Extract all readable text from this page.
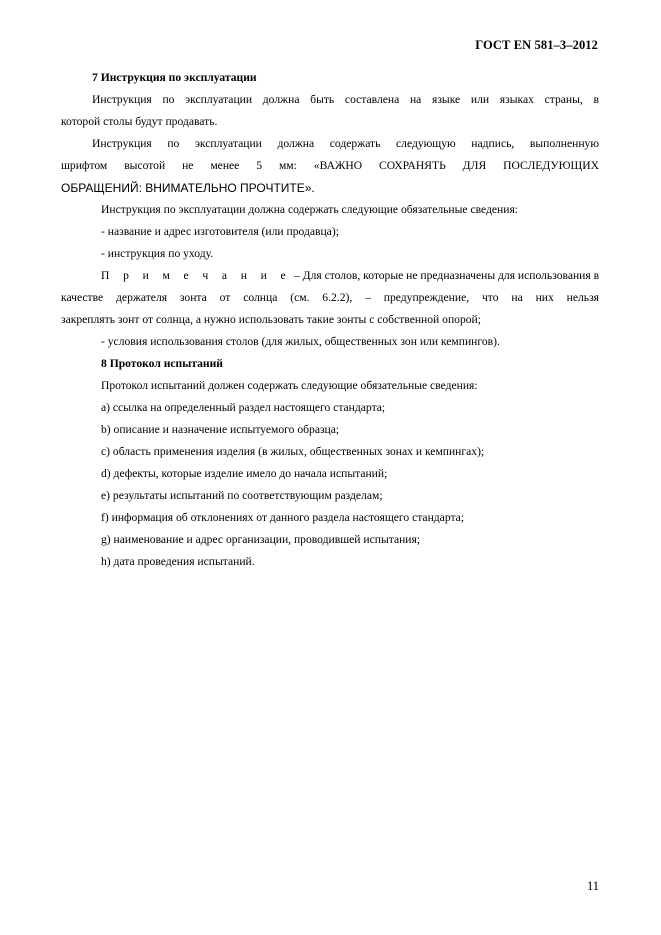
ГОСТ EN 581–3–2012
7 Инструкция по эксплуатации
Инструкция по эксплуатации должна быть составлена на языке или языках страны, в
которой столы будут продавать.
Инструкция по эксплуатации должна содержать следующую надпись, выполненную
шрифтом высотой не менее 5 мм: «ВАЖНО СОХРАНЯТЬ ДЛЯ ПОСЛЕДУЮЩИХ
ОБРАЩЕНИЙ: ВНИМАТЕЛЬНО ПРОЧТИТЕ».
Инструкция по эксплуатации должна содержать следующие обязательные сведения:
- название и адрес изготовителя (или продавца);
- инструкция по уходу.
П р и м е ч а н и е – Для столов, которые не предназначены для использования в
качестве держателя зонта от солнца (см. 6.2.2), – предупреждение, что на них нельзя
закреплять зонт от солнца, а нужно использовать такие зонты с собственной опорой;
- условия использования столов (для жилых, общественных зон или кемпингов).
8 Протокол испытаний
Протокол испытаний должен содержать следующие обязательные сведения:
a) ссылка на определенный раздел настоящего стандарта;
b) описание и назначение испытуемого образца;
c) область применения изделия (в жилых, общественных зонах и кемпингах);
d) дефекты, которые изделие имело до начала испытаний;
e) результаты испытаний по соответствующим разделам;
f) информация об отклонениях от данного раздела настоящего стандарта;
g) наименование и адрес организации, проводившей испытания;
h) дата проведения испытаний.
11
